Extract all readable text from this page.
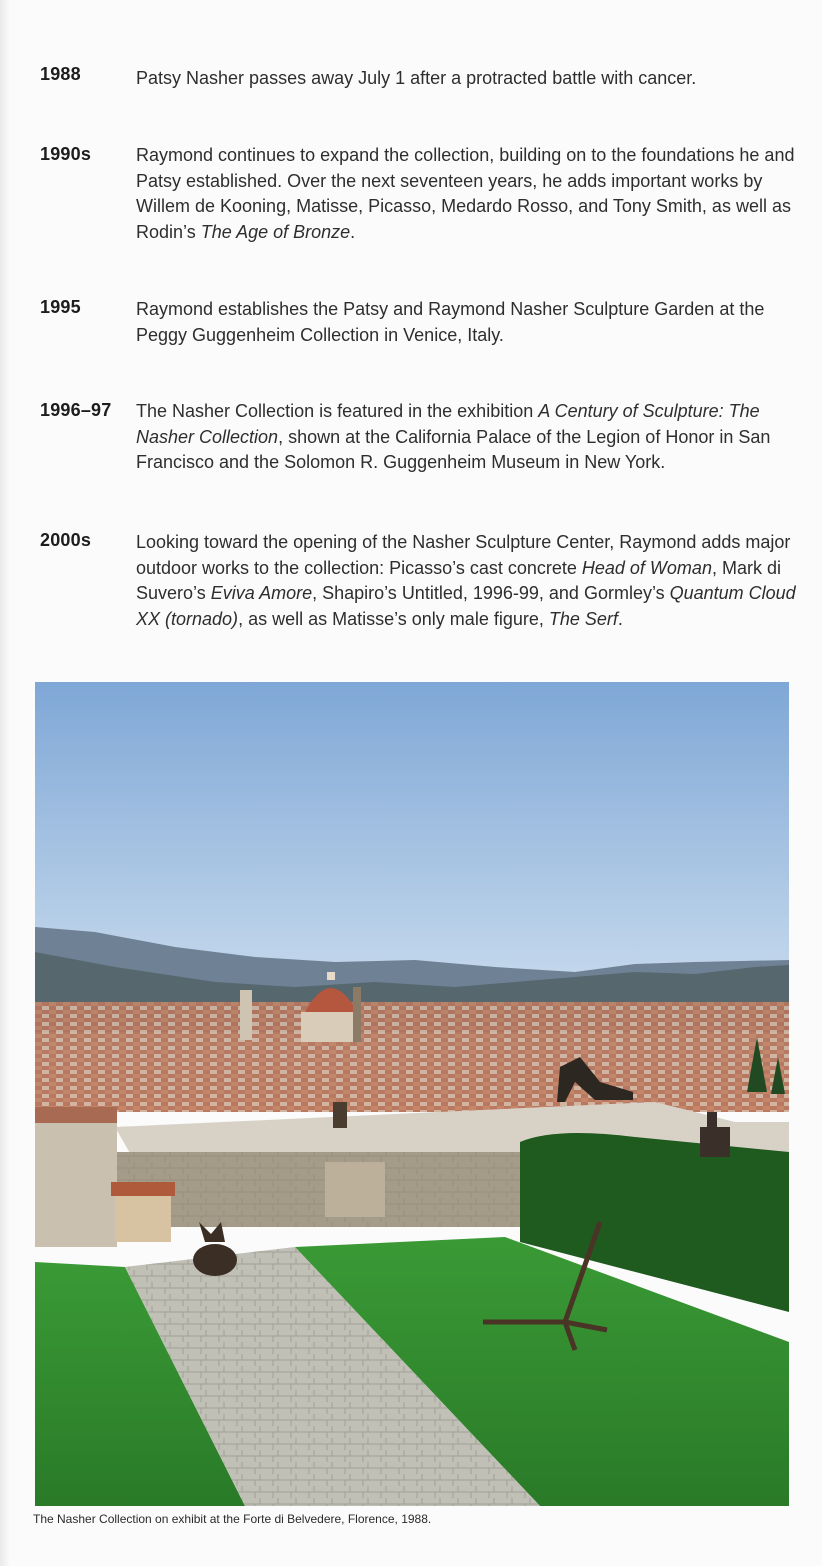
1988	Patsy Nasher passes away July 1 after a protracted battle with cancer.
1990s Raymond continues to expand the collection, building on to the foundations he and Patsy established. Over the next seventeen years, he adds important works by Willem de Kooning, Matisse, Picasso, Medardo Rosso, and Tony Smith, as well as Rodin’s The Age of Bronze.
1995	Raymond establishes the Patsy and Raymond Nasher Sculpture Garden at the Peggy Guggenheim Collection in Venice, Italy.
1996–97 The Nasher Collection is featured in the exhibition A Century of Sculpture: The Nasher Collection, shown at the California Palace of the Legion of Honor in San Francisco and the Solomon R. Guggenheim Museum in New York.
2000s Looking toward the opening of the Nasher Sculpture Center, Raymond adds major outdoor works to the collection: Picasso’s cast concrete Head of Woman, Mark di Suvero’s Eviva Amore, Shapiro’s Untitled, 1996-99, and Gormley’s Quantum Cloud XX (tornado), as well as Matisse’s only male figure, The Serf.
The Nasher Collection on exhibit at the Forte di Belvedere, Florence, 1988.
